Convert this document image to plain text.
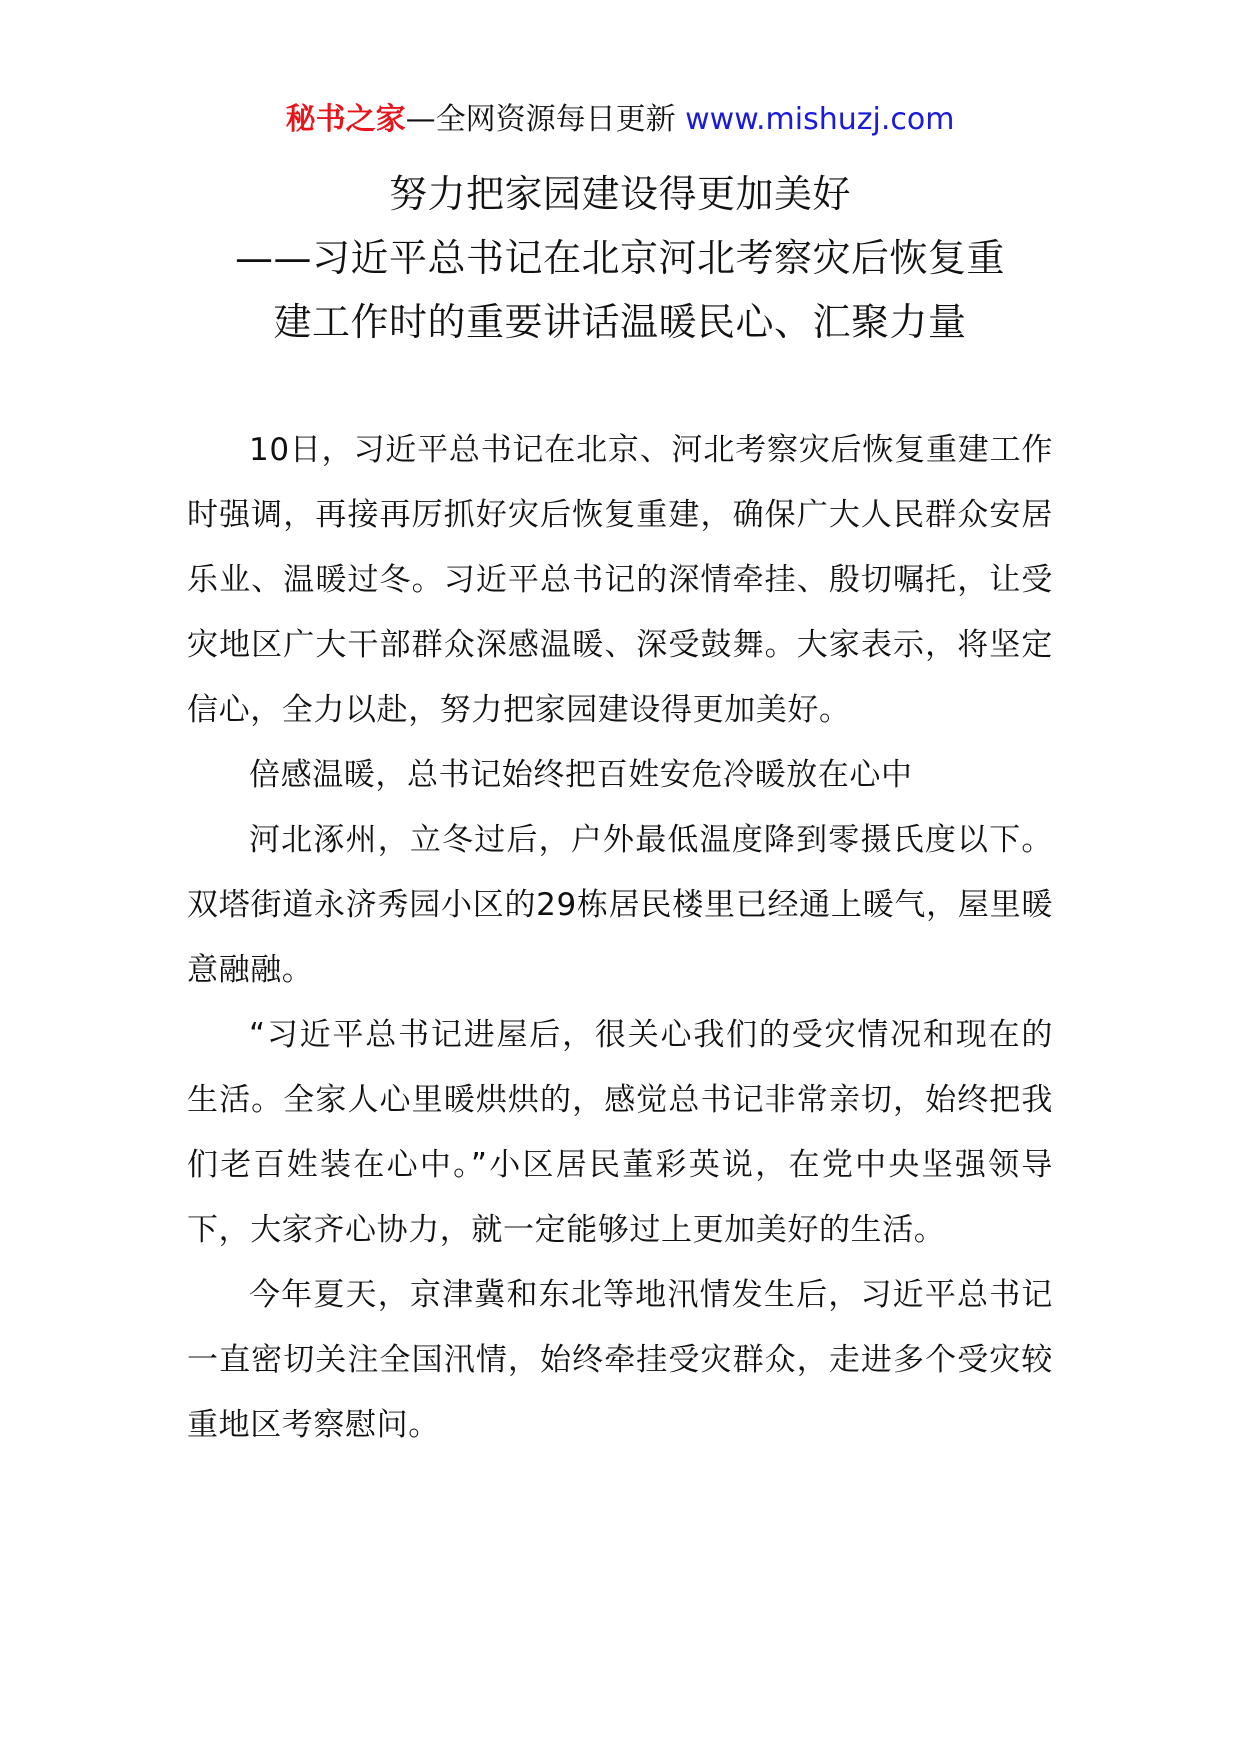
秘书之家—全网资源每日更新 www.mishuzj.com
努力把家园建设得更加美好
——习近平总书记在北京河北考察灾后恢复重
建工作时的重要讲话温暖民心、汇聚力量

10日，习近平总书记在北京、河北考察灾后恢复重建工作时强调，再接再厉抓好灾后恢复重建，确保广大人民群众安居乐业、温暖过冬。习近平总书记的深情牵挂、殷切嘱托，让受灾地区广大干部群众深感温暖、深受鼓舞。大家表示，将坚定信心，全力以赴，努力把家园建设得更加美好。

倍感温暖，总书记始终把百姓安危冷暖放在心中

河北涿州，立冬过后，户外最低温度降到零摄氏度以下。双塔街道永济秀园小区的29栋居民楼里已经通上暖气，屋里暖意融融。

“习近平总书记进屋后，很关心我们的受灾情况和现在的生活。全家人心里暖烘烘的，感觉总书记非常亲切，始终把我们老百姓装在心中。”小区居民董彩英说，在党中央坚强领导下，大家齐心协力，就一定能够过上更加美好的生活。

今年夏天，京津冀和东北等地汛情发生后，习近平总书记一直密切关注全国汛情，始终牵挂受灾群众，走进多个受灾较重地区考察慰问。
